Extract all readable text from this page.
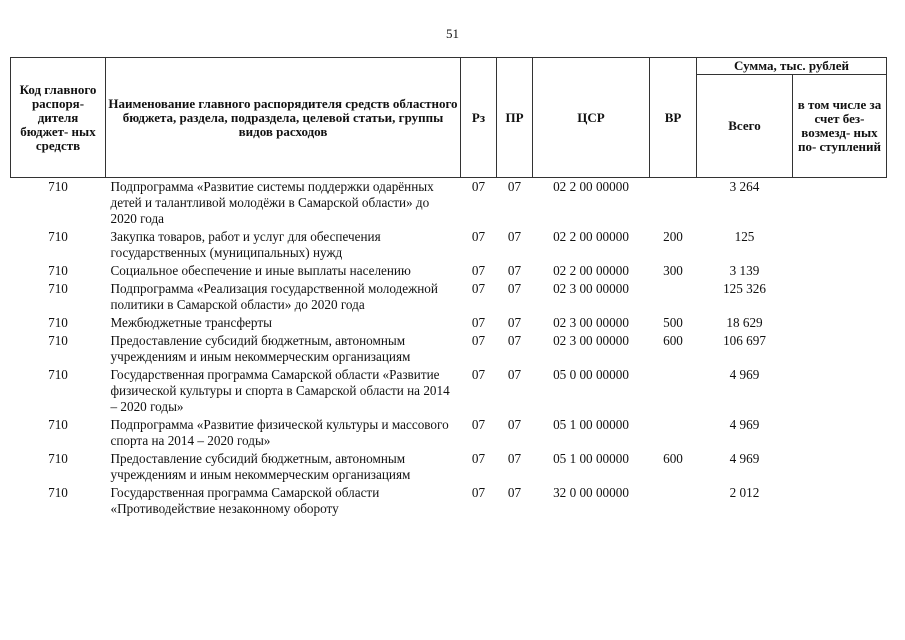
51
Код главного распоря- дителя бюджет- ных средств	Наименование главного распорядителя средств областного бюджета, раздела, подраздела, целевой статьи, группы видов расходов	Рз	ПР	ЦСР	ВР	Сумма, тыс. рублей	
						Всего	в том числе за счет без- возмезд- ных по- ступлений
710	Подпрограмма «Развитие системы поддержки одарённых детей и талантливой молодёжи в Самарской области» до 2020 года	07	07	02 2 00 00000		3 264	
710	Закупка товаров, работ и услуг для обеспечения государственных (муниципальных) нужд	07	07	02 2 00 00000	200	125	
710	Социальное обеспечение и иные выплаты населению	07	07	02 2 00 00000	300	3 139	
710	Подпрограмма «Реализация государственной молодежной политики в Самарской области» до 2020 года	07	07	02 3 00 00000		125 326	
710	Межбюджетные трансферты	07	07	02 3 00 00000	500	18 629	
710	Предоставление субсидий бюджетным, автономным учреждениям и иным некоммерческим организациям	07	07	02 3 00 00000	600	106 697	
710	Государственная программа Самарской области «Развитие физической культуры и спорта в Самарской области на 2014 – 2020 годы»	07	07	05 0 00 00000		4 969	
710	Подпрограмма «Развитие физической культуры и массового спорта на 2014 – 2020 годы»	07	07	05 1 00 00000		4 969	
710	Предоставление субсидий бюджетным, автономным учреждениям и иным некоммерческим организациям	07	07	05 1 00 00000	600	4 969	
710	Государственная программа Самарской области «Противодействие незаконному обороту	07	07	32 0 00 00000		2 012	
